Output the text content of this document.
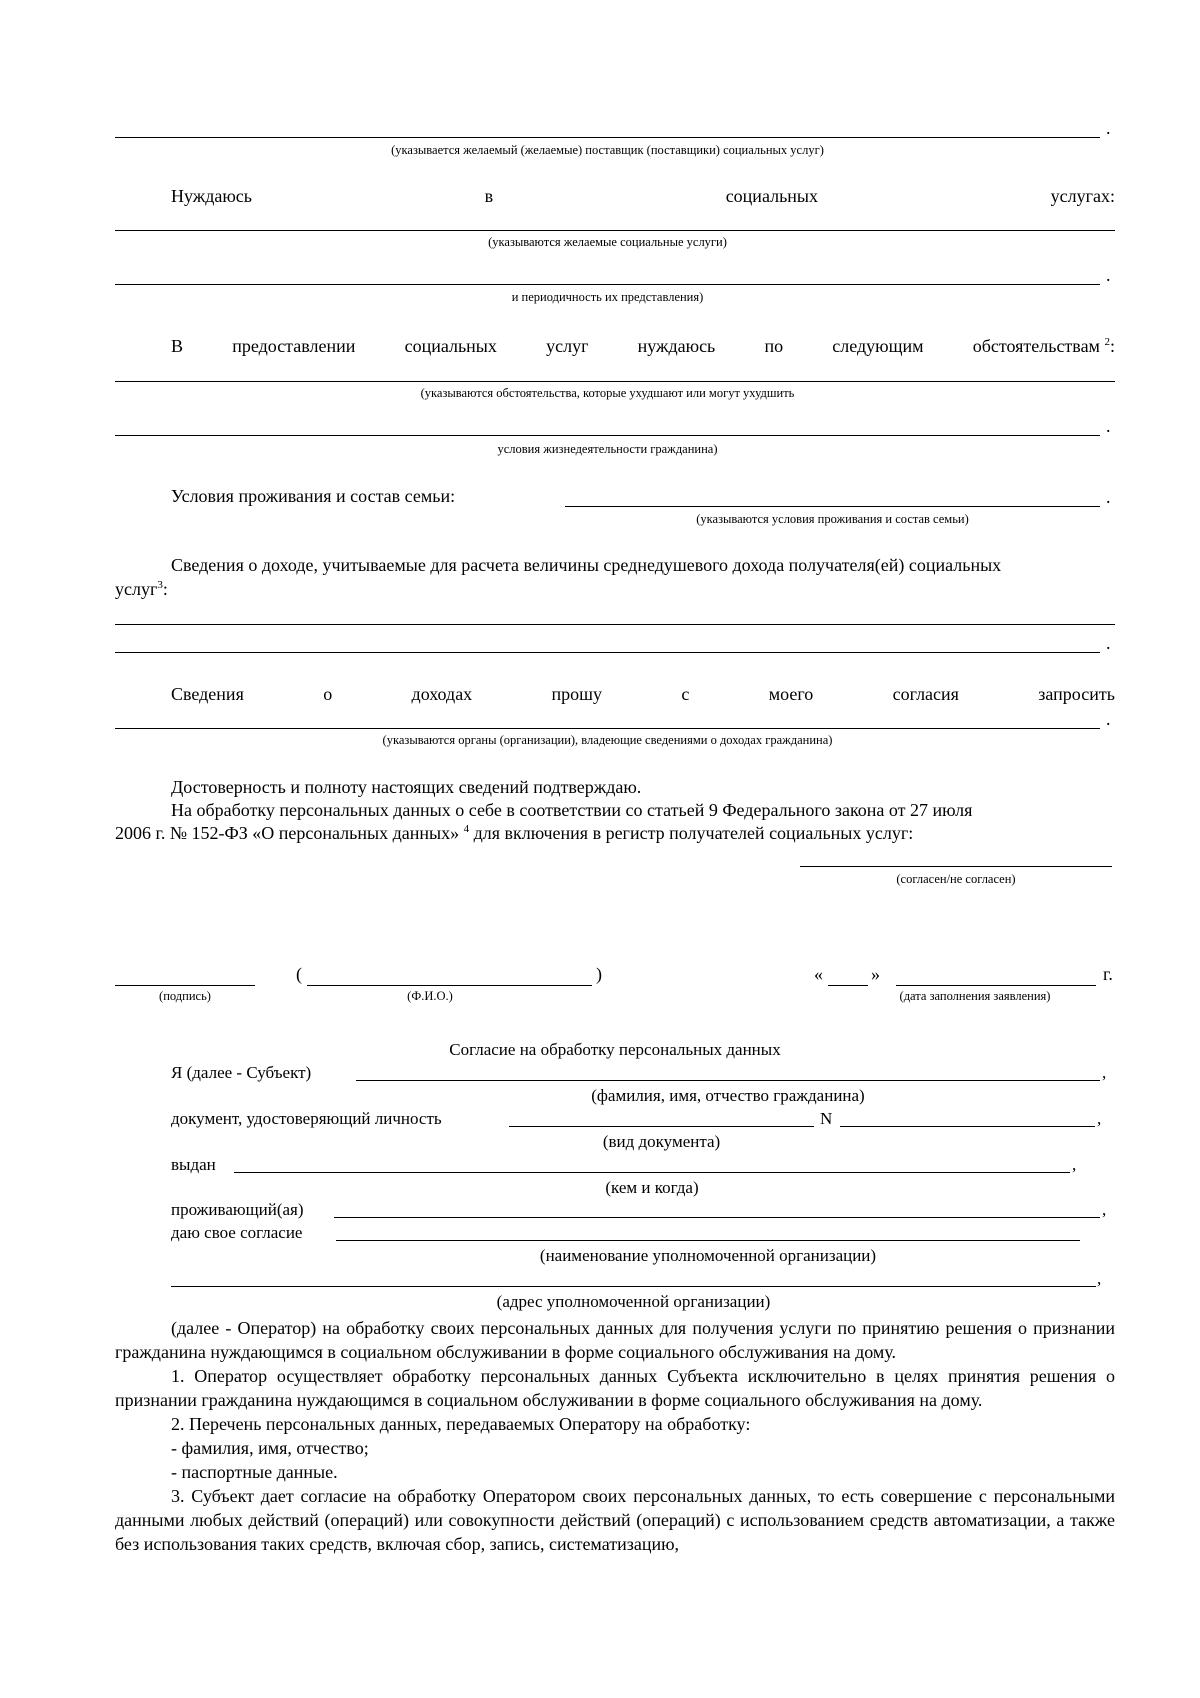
.
(указывается желаемый (желаемые) поставщик (поставщики) социальных услуг)
Нуждаюсь	в	социальных	услугах:
(указываются желаемые социальные услуги)
.
и периодичность их представления)
В	предоставлении	социальных	услуг	нуждаюсь	по	следующим	обстоятельствам $^2$:
(указываются обстоятельства, которые ухудшают или могут ухудшить
.
условия жизнедеятельности гражданина)
Условия проживания и состав семьи:	.
(указываются условия проживания и состав семьи)
Сведения о доходе, учитываемые для расчета величины среднедушевого дохода получателя(ей) социальных
услуг$^3$:
.
Сведения	о	доходах	прошу	с	моего	согласия	запросить
.
(указываются органы (организации), владеющие сведениями о доходах гражданина)
Достоверность и полноту настоящих сведений подтверждаю.
На обработку персональных данных о себе в соответствии со статьей 9 Федерального закона от 27 июля
2006 г. № 152-ФЗ «О персональных данных» $^4$ для включения в регистр получателей социальных услуг:
(согласен/не согласен)
(	)	«	»	г.
(подпись)	(Ф.И.О.)	(дата заполнения заявления)
Согласие на обработку персональных данных
Я (далее - Субъект)	,
(фамилия, имя, отчество гражданина)
документ, удостоверяющий личность	N	,
(вид документа)
выдан	,
(кем и когда)
проживающий(ая)	,
даю свое согласие
(наименование уполномоченной организации)
,
(адрес уполномоченной организации)

(далее - Оператор) на обработку своих персональных данных для получения услуги по принятию решения о признании гражданина нуждающимся в социальном обслуживании в форме социального обслуживания на дому.

1. Оператор осуществляет обработку персональных данных Субъекта исключительно в целях принятия решения о признании гражданина нуждающимся в социальном обслуживании в форме социального обслуживания на дому.

2. Перечень персональных данных, передаваемых Оператору на обработку:

- фамилия, имя, отчество;

- паспортные данные.

3. Субъект дает согласие на обработку Оператором своих персональных данных, то есть совершение с персональными данными любых действий (операций) или совокупности действий (операций) с использованием средств автоматизации, а также без использования таких средств, включая сбор, запись, систематизацию,
